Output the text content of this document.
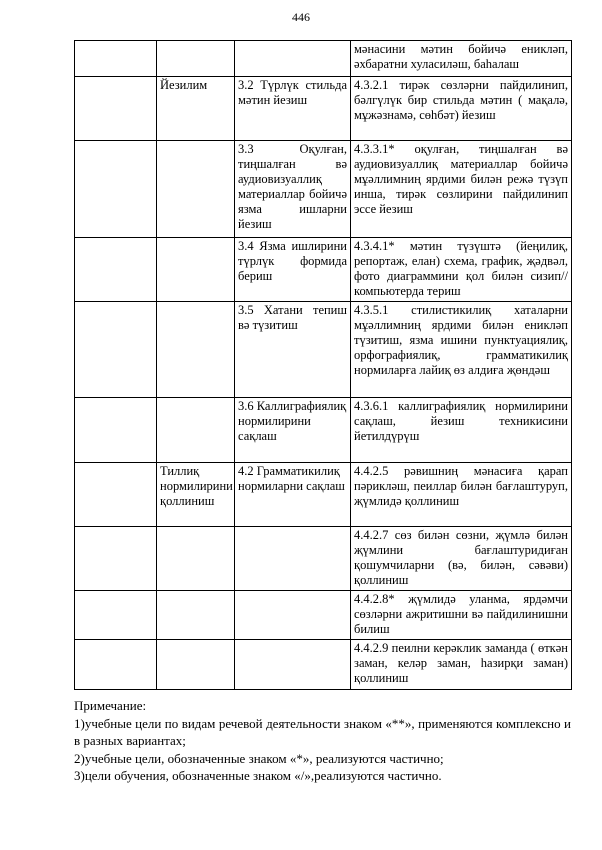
446
			мәнасини мәтин бойичә еникләп, әхбаратни хуласиләш, баһалаш
	Йезилим	3.2 Түрлүк стильда мәтин йезиш	4.3.2.1 тирәк сөзләрни пайдилинип, бәлгүлүк бир стильда мәтин ( мақалә, мұжәзнамә, сөһбәт) йезиш
		3.3 Оқулған, тиңшалған вә аудиовизуаллиқ материаллар бойичә язма ишларни йезиш	4.3.3.1* оқулған, тиңшалған вә аудиовизуаллиқ материаллар бойичә мұәллимниң ярдими билән режә түзүп инша, тирәк сөзлирини пайдилинип эссе йезиш
		3.4 Язма ишлирини түрлүк формида бериш	4.3.4.1* мәтин түзүштә (йеңилиқ, репортаж, елан) схема, график, җәдвәл, фото диаграммини қол билән сизип//компьютерда териш
		3.5 Хатани тепиш вә түзитиш	4.3.5.1 стилистикилиқ хаталарни мұәллимниң ярдими билән еникләп түзитиш, язма ишини пунктуациялиқ, орфографиялиқ, грамматикилиқ нормиларға лайиқ өз алдиға җөндәш
		3.6 Каллиграфиялиқ нормилирини сақлаш	4.3.6.1 каллиграфиялиқ нормилирини сақлаш, йезиш техникисини йетилдүрүш
	Тиллиқ нормилирини қоллиниш	4.2 Грамматикилиқ нормиларни сақлаш	4.4.2.5 рәвишниң мәнасиға қарап пәрикләш, пеиллар билән бағлаштуруп, җүмлидә қоллиниш
			4.4.2.7 сөз билән сөзни, җүмлә билән җүмлини бағлаштуридиған қошумчиларни (вә, билән, сәвәви) қоллиниш
			4.4.2.8* җүмлидә уланма, ярдәмчи сөзләрни ажритишни вә пайдилинишни билиш
			4.4.2.9 пеилни керәклик заманда ( өткән заман, келәр заман, һазирқи заман) қоллиниш

Примечание:

1)учебные цели по видам речевой деятельности знаком «**», применяются комплексно и в разных вариантах;

2)учебные цели, обозначенные знаком «*», реализуются частично;

3)цели обучения, обозначенные знаком «/»,реализуются частично.
